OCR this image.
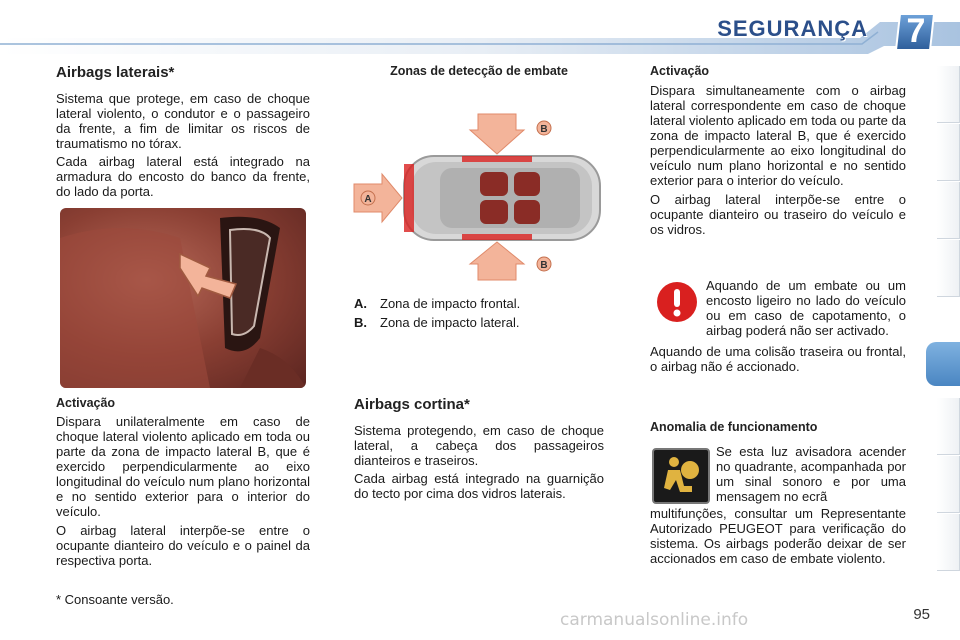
SEGURANÇA	7
Airbags laterais*

Sistema que protege, em caso de choque lateral violento, o condutor e o passageiro da frente, a fim de limitar os riscos de traumatismo no tórax.

Cada airbag lateral está integrado na armadura do encosto do banco da frente, do lado da porta.

Activação

Dispara unilateralmente em caso de choque lateral violento aplicado em toda ou parte da zona de impacto lateral B, que é exercido perpendicularmente ao eixo longitudinal do veículo num plano horizontal e no sentido exterior para o interior do veículo.

O airbag lateral interpõe-se entre o ocupante dianteiro do veículo e o painel da respectiva porta.

Zonas de detecção de embate
A
B
B
A.	Zona de impacto frontal.
B.	Zona de impacto lateral.
Airbags cortina*

Sistema protegendo, em caso de choque lateral, a cabeça dos passageiros dianteiros e traseiros.

Cada airbag está integrado na guarnição do tecto por cima dos vidros laterais.

Activação

Dispara simultaneamente com o airbag lateral correspondente em caso de choque lateral violento aplicado em toda ou parte da zona de impacto lateral B, que é exercido perpendicularmente ao eixo longitudinal do veículo num plano horizontal e no sentido exterior para o interior do veículo.

O airbag lateral interpõe-se entre o ocupante dianteiro ou traseiro do veículo e os vidros.

Aquando de um embate ou um encosto ligeiro no lado do veículo ou em caso de capotamento, o airbag poderá não ser activado.

Aquando de uma colisão traseira ou frontal, o airbag não é accionado.

Anomalia de funcionamento

Se esta luz avisadora acender no quadrante, acompanhada por um sinal sonoro e por uma mensagem no ecrã

* Consoante versão.
95
carmanualsonline.info

multifunções, consultar um Representante Autorizado PEUGEOT para verificação do sistema. Os airbags poderão deixar de ser accionados em caso de embate violento.
